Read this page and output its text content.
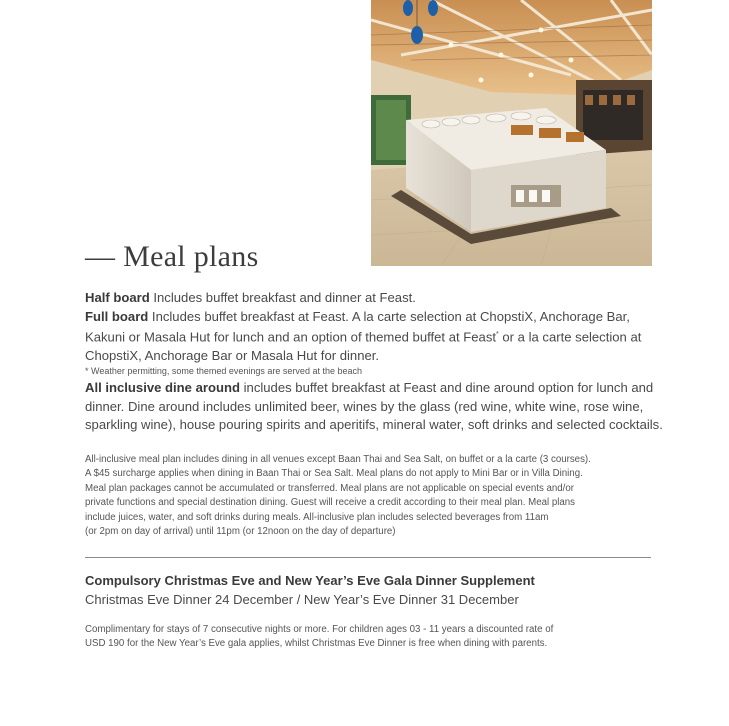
— Meal plans

Half board Includes buffet breakfast and dinner at Feast.

Full board Includes buffet breakfast at Feast. A la carte selection at ChopstiX, Anchorage Bar, Kakuni or Masala Hut for lunch and an option of themed buffet at Feast* or a la carte selection at ChopstiX, Anchorage Bar or Masala Hut for dinner.

* Weather permitting, some themed evenings are served at the beach

All inclusive dine around includes buffet breakfast at Feast and dine around option for lunch and dinner. Dine around includes unlimited beer, wines by the glass (red wine, white wine, rose wine, sparkling wine), house pouring spirits and aperitifs, mineral water, soft drinks and selected cocktails.

All-inclusive meal plan includes dining in all venues except Baan Thai and Sea Salt, on buffet or a la carte (3 courses).
A $45 surcharge applies when dining in Baan Thai or Sea Salt. Meal plans do not apply to Mini Bar or in Villa Dining.
Meal plan packages cannot be accumulated or transferred. Meal plans are not applicable on special events and/or
private functions and special destination dining. Guest will receive a credit according to their meal plan. Meal plans
include juices, water, and soft drinks during meals. All-inclusive plan includes selected beverages from 11am
(or 2pm on day of arrival) until 11pm (or 12noon on the day of departure)

Compulsory Christmas Eve and New Year’s Eve Gala Dinner Supplement

Christmas Eve Dinner 24 December / New Year’s Eve Dinner 31 December

Complimentary for stays of 7 consecutive nights or more. For children ages 03 - 11 years a discounted rate of
USD 190 for the New Year’s Eve gala applies, whilst Christmas Eve Dinner is free when dining with parents.
